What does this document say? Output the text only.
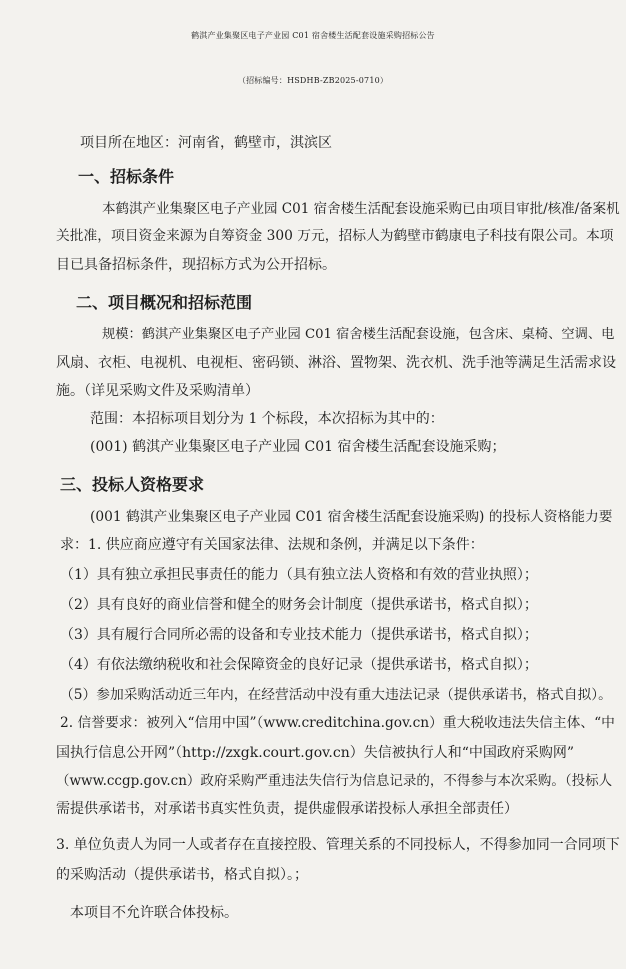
鹤淇产业集聚区电子产业园 C01 宿舍楼生活配套设施采购招标公告
（招标编号：HSDHB-ZB2025-0710）
项目所在地区：河南省，鹤壁市，淇滨区
一、招标条件
本鹤淇产业集聚区电子产业园 C01 宿舍楼生活配套设施采购已由项目审批/核准/备案机
关批准，项目资金来源为自筹资金 300 万元，招标人为鹤壁市鹤康电子科技有限公司。本项
目已具备招标条件，现招标方式为公开招标。
二、项目概况和招标范围
规模：鹤淇产业集聚区电子产业园 C01 宿舍楼生活配套设施，包含床、桌椅、空调、电
风扇、衣柜、电视机、电视柜、密码锁、淋浴、置物架、洗衣机、洗手池等满足生活需求设
施。（详见采购文件及采购清单）
范围：本招标项目划分为 1 个标段，本次招标为其中的：
(001) 鹤淇产业集聚区电子产业园 C01 宿舍楼生活配套设施采购；
三、投标人资格要求
(001 鹤淇产业集聚区电子产业园 C01 宿舍楼生活配套设施采购) 的投标人资格能力要
求：1. 供应商应遵守有关国家法律、法规和条例，并满足以下条件：
（1）具有独立承担民事责任的能力（具有独立法人资格和有效的营业执照）；
（2）具有良好的商业信誉和健全的财务会计制度（提供承诺书，格式自拟）；
（3）具有履行合同所必需的设备和专业技术能力（提供承诺书，格式自拟）；
（4）有依法缴纳税收和社会保障资金的良好记录（提供承诺书，格式自拟）；
（5）参加采购活动近三年内，在经营活动中没有重大违法记录（提供承诺书，格式自拟）。
2. 信誉要求：被列入“信用中国”（www.creditchina.gov.cn）重大税收违法失信主体、“中
国执行信息公开网”（http://zxgk.court.gov.cn）失信被执行人和“中国政府采购网”
（www.ccgp.gov.cn）政府采购严重违法失信行为信息记录的，不得参与本次采购。（投标人
需提供承诺书，对承诺书真实性负责，提供虚假承诺投标人承担全部责任）
3. 单位负责人为同一人或者存在直接控股、管理关系的不同投标人，不得参加同一合同项下
的采购活动（提供承诺书，格式自拟）。；
本项目不允许联合体投标。
